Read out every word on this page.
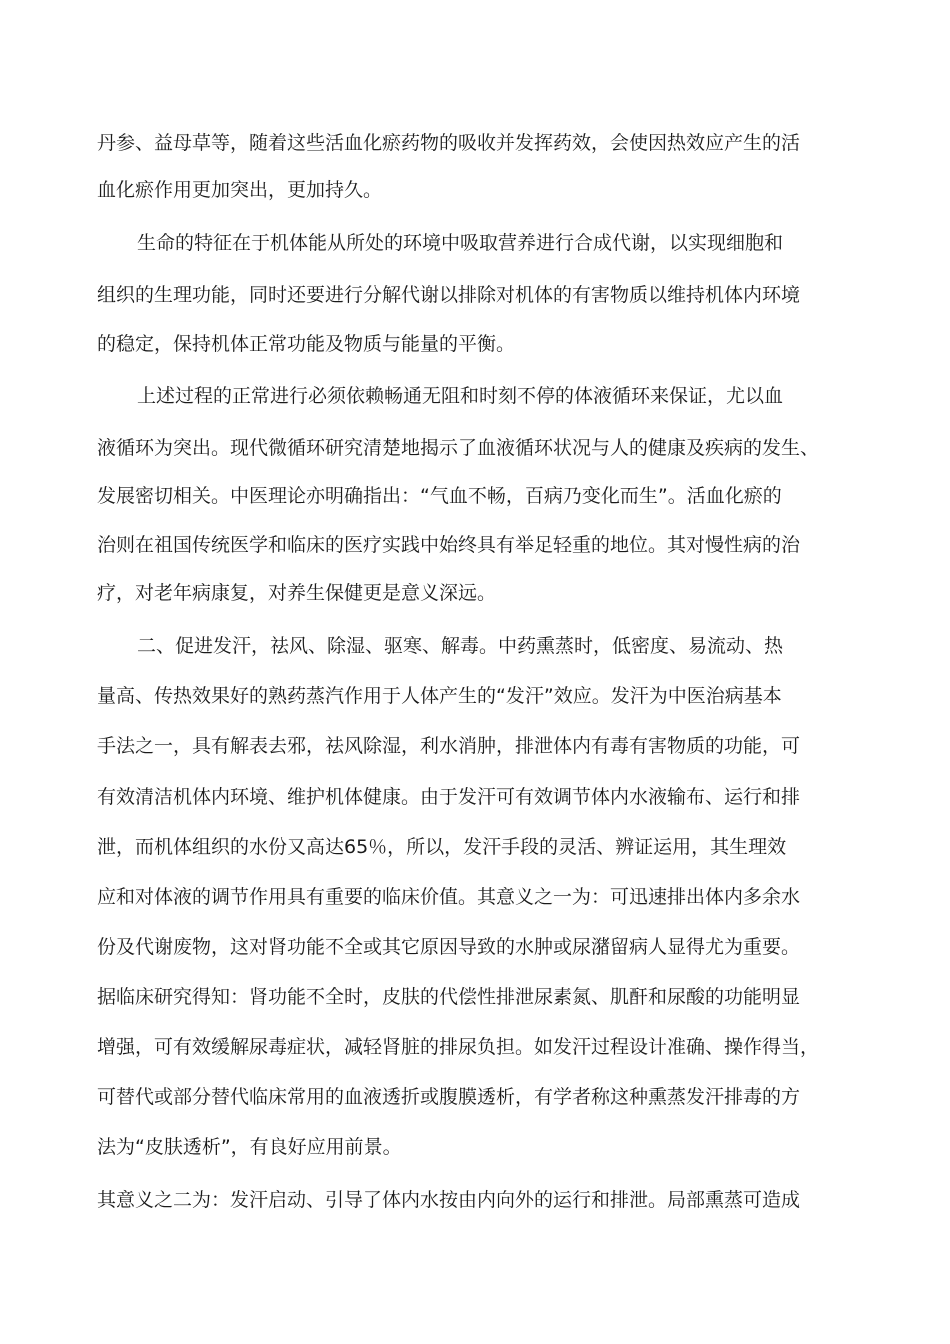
丹参、益母草等，随着这些活血化瘀药物的吸收并发挥药效，会使因热效应产生的活
血化瘀作用更加突出，更加持久。
生命的特征在于机体能从所处的环境中吸取营养进行合成代谢，以实现细胞和
组织的生理功能，同时还要进行分解代谢以排除对机体的有害物质以维持机体内环境
的稳定，保持机体正常功能及物质与能量的平衡。
上述过程的正常进行必须依赖畅通无阻和时刻不停的体液循环来保证，尤以血
液循环为突出。现代微循环研究清楚地揭示了血液循环状况与人的健康及疾病的发生、
发展密切相关。中医理论亦明确指出：“气血不畅，百病乃变化而生”。活血化瘀的
治则在祖国传统医学和临床的医疗实践中始终具有举足轻重的地位。其对慢性病的治
疗，对老年病康复，对养生保健更是意义深远。
二、促进发汗，祛风、除湿、驱寒、解毒。中药熏蒸时，低密度、易流动、热
量高、传热效果好的熟药蒸汽作用于人体产生的“发汗”效应。发汗为中医治病基本
手法之一，具有解表去邪，祛风除湿，利水消肿，排泄体内有毒有害物质的功能，可
有效清洁机体内环境、维护机体健康。由于发汗可有效调节体内水液输布、运行和排
泄，而机体组织的水份又高达65％，所以，发汗手段的灵活、辨证运用，其生理效
应和对体液的调节作用具有重要的临床价值。其意义之一为：可迅速排出体内多余水
份及代谢废物，这对肾功能不全或其它原因导致的水肿或尿潴留病人显得尤为重要。
据临床研究得知：肾功能不全时，皮肤的代偿性排泄尿素氮、肌酐和尿酸的功能明显
增强，可有效缓解尿毒症状，减轻肾脏的排尿负担。如发汗过程设计准确、操作得当，
可替代或部分替代临床常用的血液透折或腹膜透析，有学者称这种熏蒸发汗排毒的方
法为“皮肤透析”，有良好应用前景。
其意义之二为：发汗启动、引导了体内水按由内向外的运行和排泄。局部熏蒸可造成
